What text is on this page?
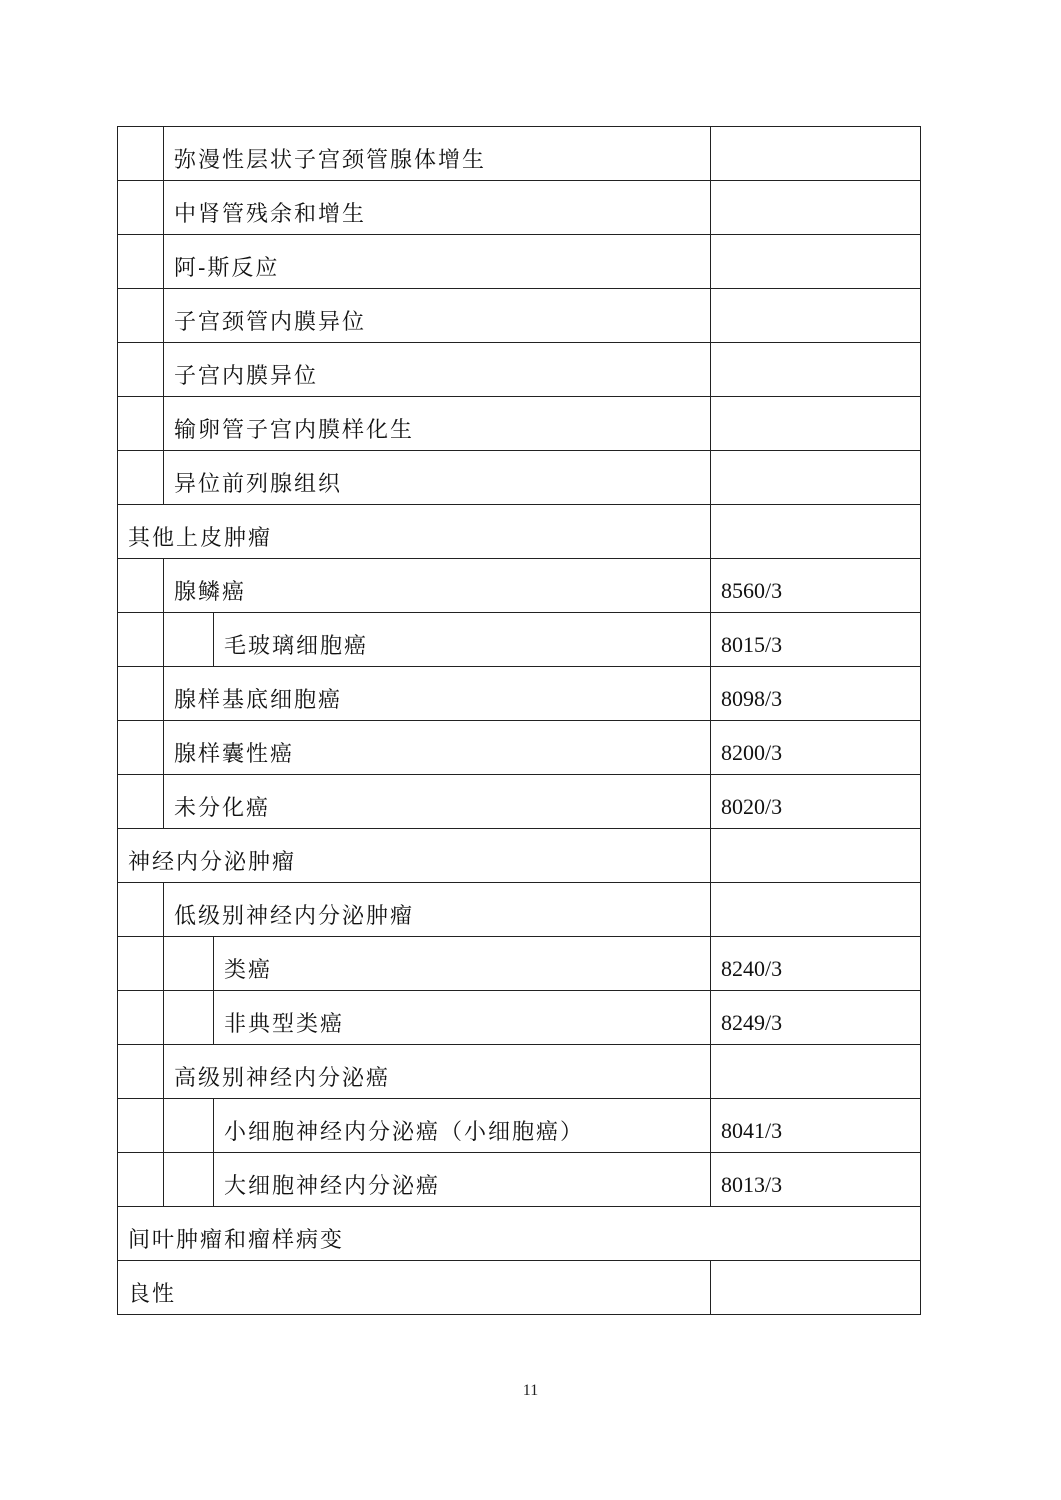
	弥漫性层状子宫颈管腺体增生		
	中肾管残余和增生		
	阿-斯反应		
	子宫颈管内膜异位		
	子宫内膜异位		
	输卵管子宫内膜样化生		
	异位前列腺组织		
其他上皮肿瘤			
	腺鳞癌		8560/3
		毛玻璃细胞癌	8015/3
	腺样基底细胞癌		8098/3
	腺样囊性癌		8200/3
	未分化癌		8020/3
神经内分泌肿瘤			
	低级别神经内分泌肿瘤		
		类癌	8240/3
		非典型类癌	8249/3
	高级别神经内分泌癌		
		小细胞神经内分泌癌（小细胞癌）	8041/3
		大细胞神经内分泌癌	8013/3
间叶肿瘤和瘤样病变			
良性			
11
